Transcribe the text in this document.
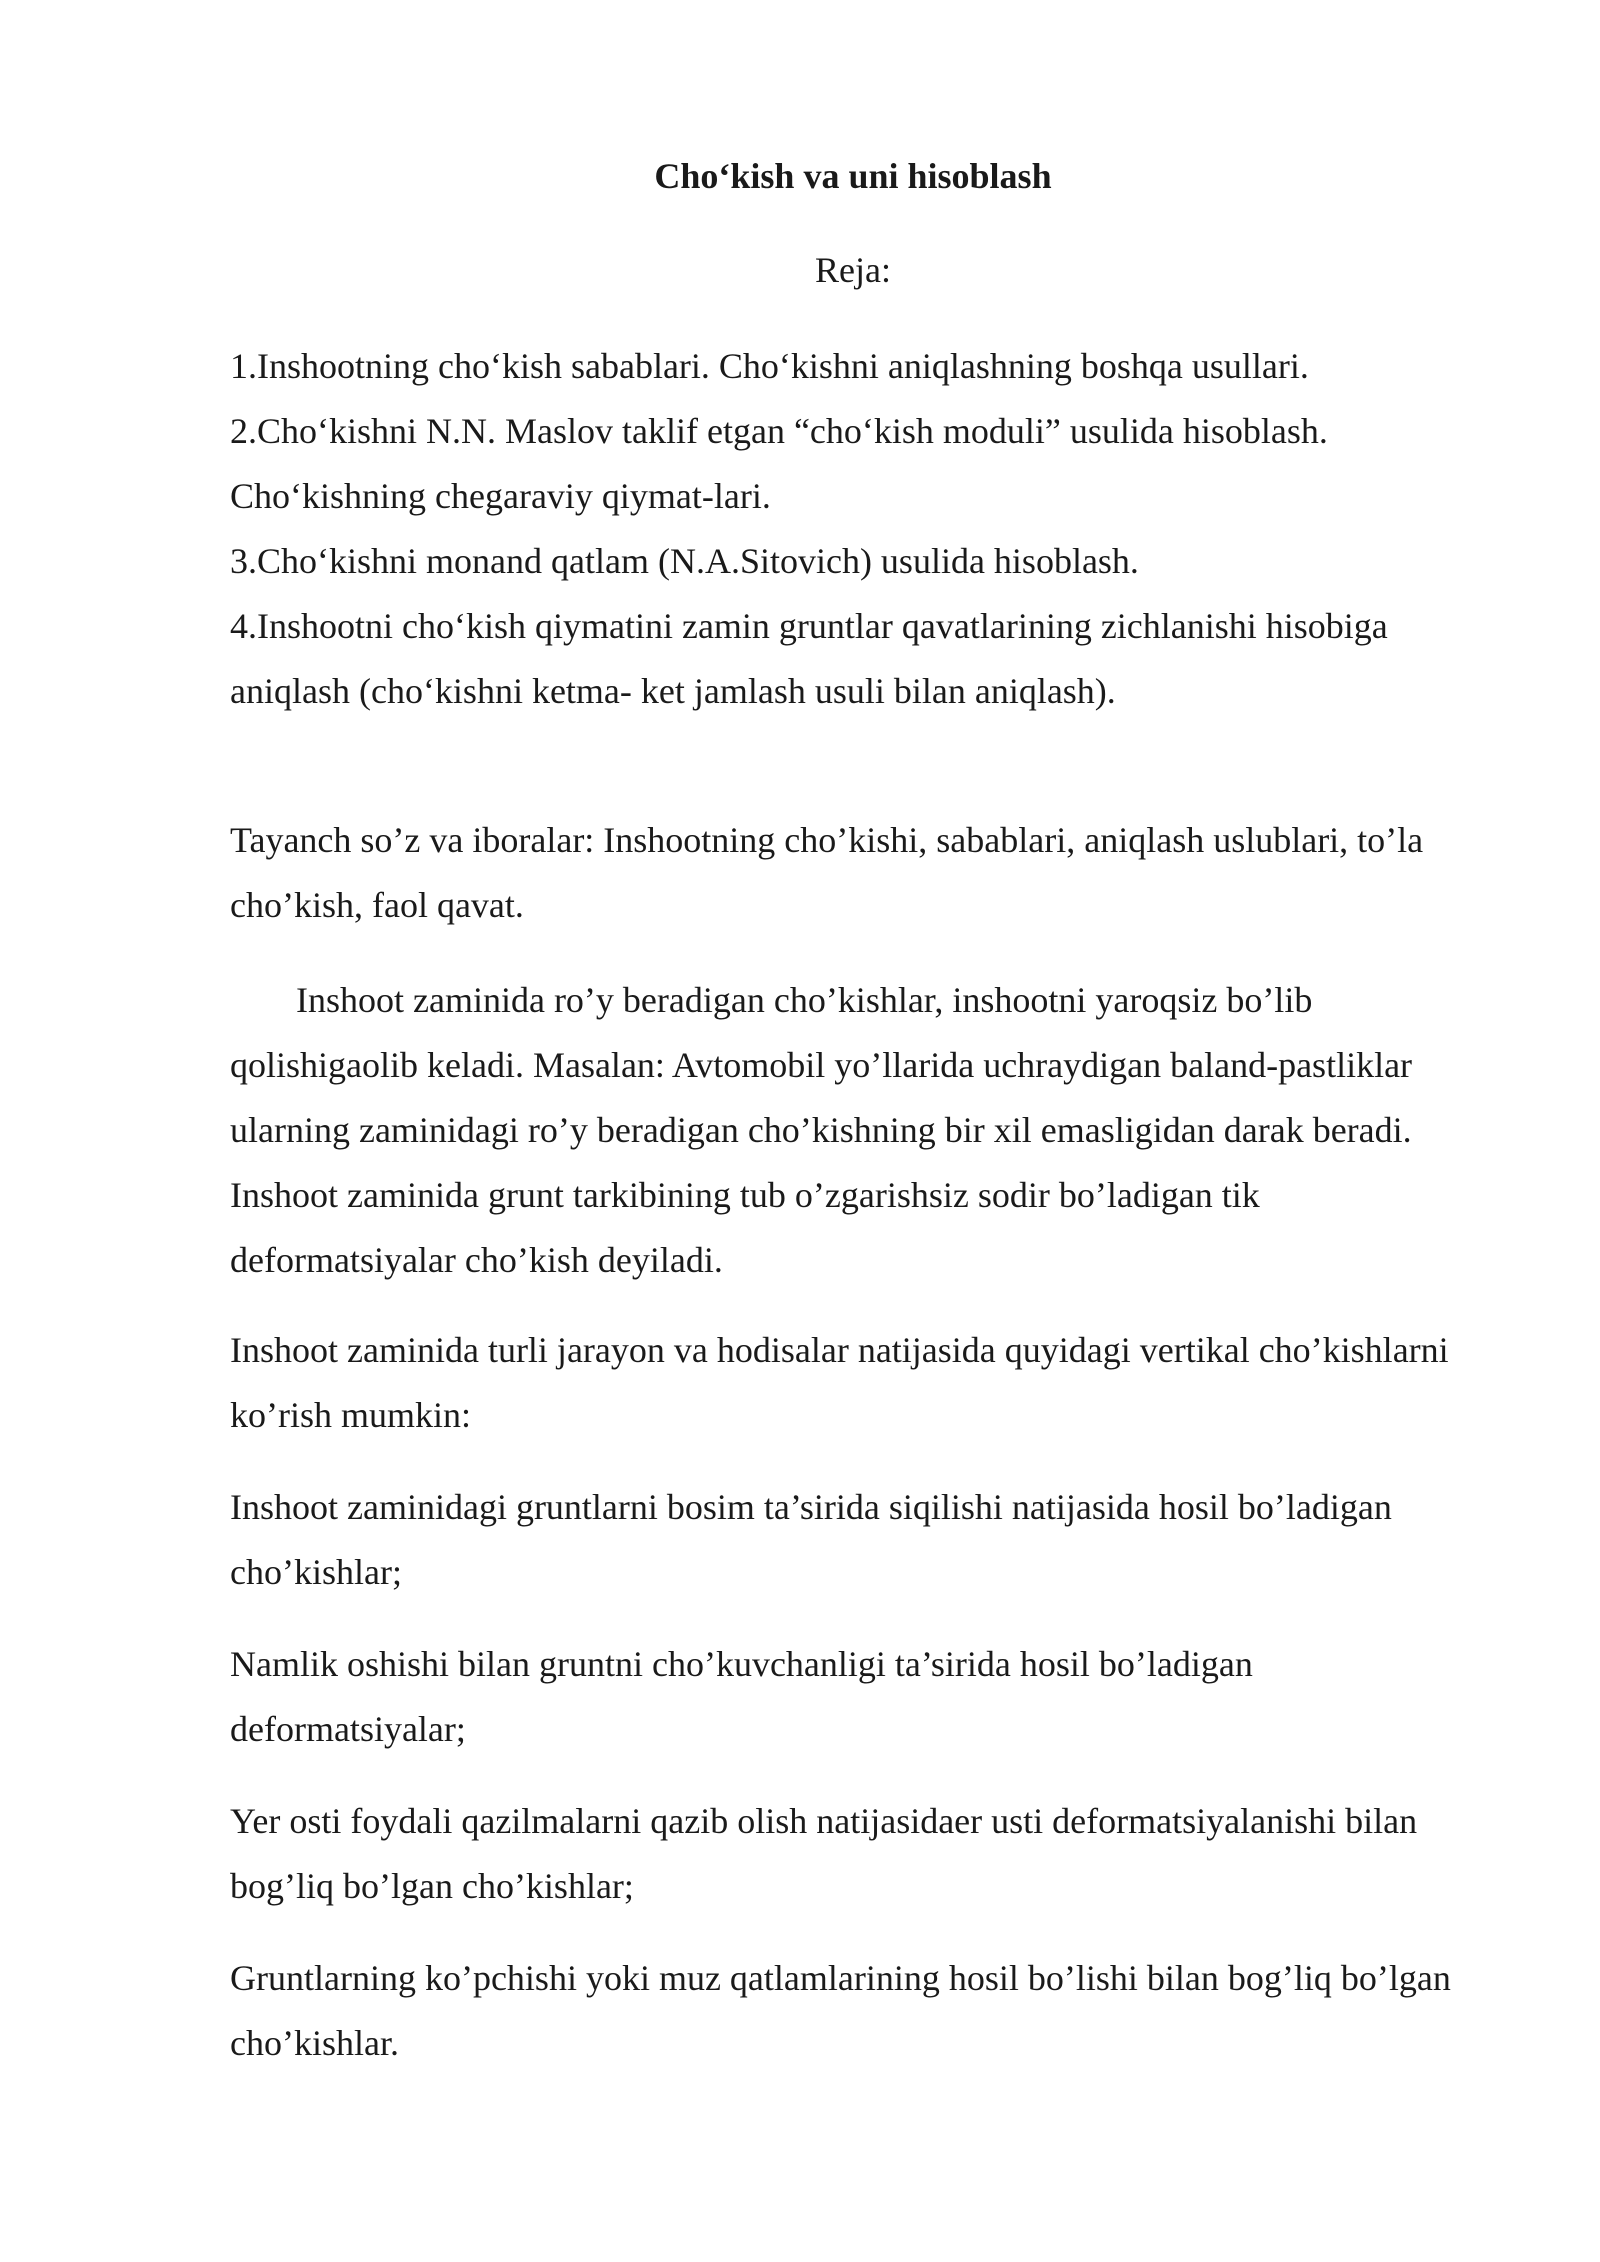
Cho‘kish va uni hisoblash

Reja:

1.Inshootning cho‘kish sabablari. Cho‘kishni aniqlashning boshqa usullari.
2.Cho‘kishni N.N. Maslov taklif etgan “cho‘kish moduli” usulida hisoblash.
Cho‘kishning chegaraviy qiymat-lari.
3.Cho‘kishni monand qatlam (N.A.Sitovich) usulida hisoblash.
4.Inshootni cho‘kish qiymatini zamin gruntlar qavatlarining zichlanishi hisobiga
aniqlash (cho‘kishni ketma- ket jamlash usuli bilan aniqlash).

Tayanch so’z va iboralar: Inshootning cho’kishi, sabablari, aniqlash uslublari, to’la cho’kish, faol qavat.

Inshoot zaminida ro’y beradigan cho’kishlar, inshootni yaroqsiz bo’lib qolishigaolib keladi. Masalan: Avtomobil yo’llarida uchraydigan baland-pastliklar ularning zaminidagi ro’y beradigan cho’kishning bir xil emasligidan darak beradi. Inshoot zaminida grunt tarkibining tub o’zgarishsiz sodir bo’ladigan tik deformatsiyalar cho’kish deyiladi.

Inshoot zaminida turli jarayon va hodisalar natijasida quyidagi vertikal cho’kishlarni ko’rish mumkin:

Inshoot zaminidagi gruntlarni bosim ta’sirida siqilishi natijasida hosil bo’ladigan cho’kishlar;

Namlik oshishi bilan gruntni cho’kuvchanligi ta’sirida hosil bo’ladigan deformatsiyalar;

Yer osti foydali qazilmalarni qazib olish natijasidaer usti deformatsiyalanishi bilan bog’liq bo’lgan cho’kishlar;

Gruntlarning ko’pchishi yoki muz qatlamlarining hosil bo’lishi bilan bog’liq bo’lgan cho’kishlar.
